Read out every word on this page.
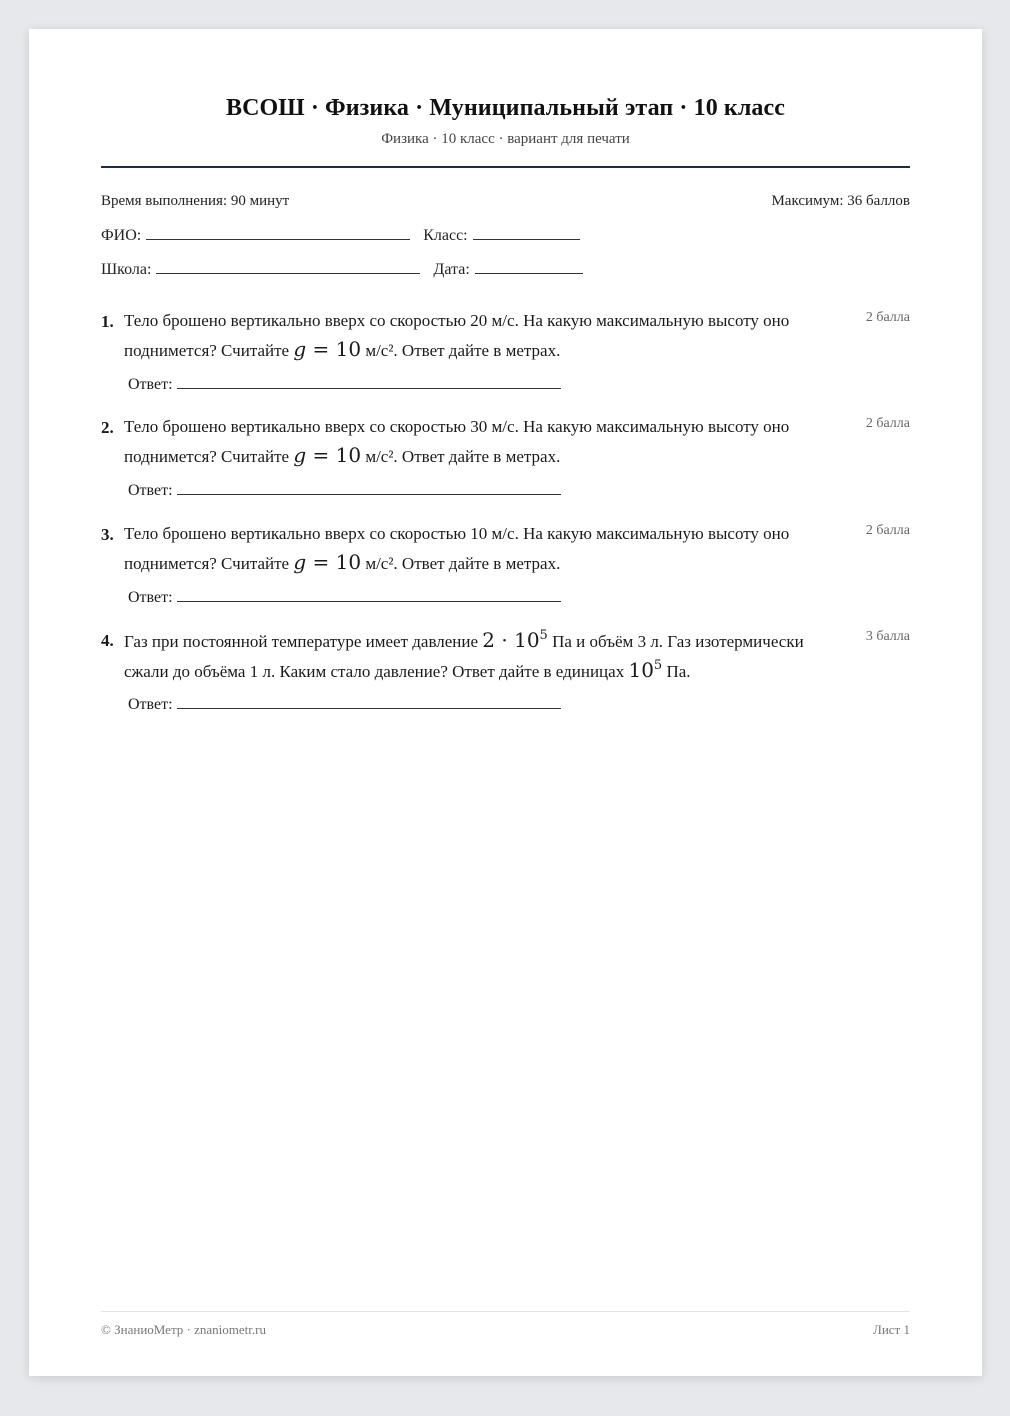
ВСОШ · Физика · Муниципальный этап · 10 класс
Физика · 10 класс · вариант для печати
Время выполнения: 90 минут	Максимум: 36 баллов
ФИО:	Класс:
Школа:	Дата:
1. Тело брошено вертикально вверх со скоростью 20 м/с. На какую максимальную высоту оно поднимется? Считайте g = 10 м/с². Ответ дайте в метрах.
2 балла
Ответ:
2. Тело брошено вертикально вверх со скоростью 30 м/с. На какую максимальную высоту оно поднимется? Считайте g = 10 м/с². Ответ дайте в метрах.
2 балла
Ответ:
3. Тело брошено вертикально вверх со скоростью 10 м/с. На какую максимальную высоту оно поднимется? Считайте g = 10 м/с². Ответ дайте в метрах.
2 балла
Ответ:
4. Газ при постоянной температуре имеет давление $2 \cdot 10^5$ Па и объём 3 л. Газ изотермически сжали до объёма 1 л. Каким стало давление? Ответ дайте в единицах $10^5$ Па.
3 балла
Ответ:
© ЗнаниоМетр · znaniometr.ru	Лист 1
